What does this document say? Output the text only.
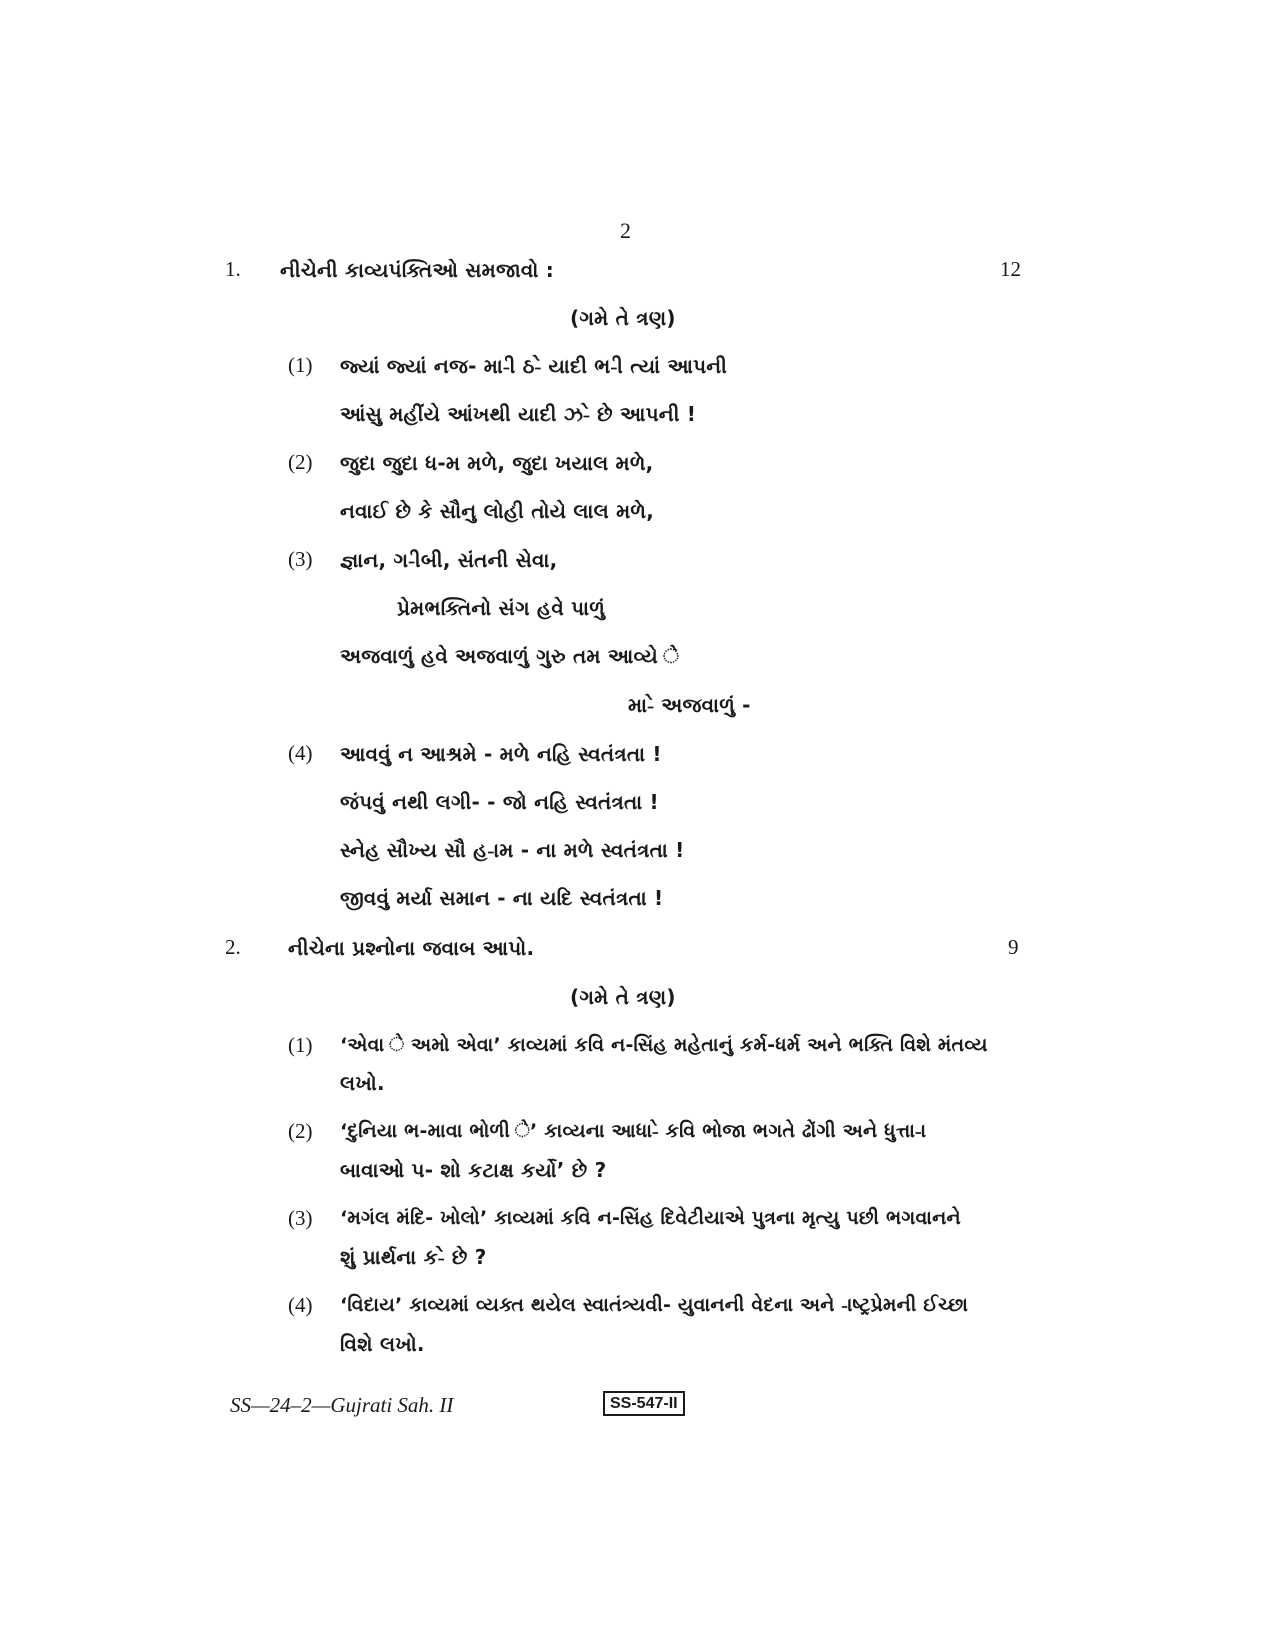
2
1. નીચેની કાવ્યપંક્તિઓ સમજાવો :	12
(ગમે તે ત્રણ)
(1) જ્યાં જ્યાં નજ- મા-ી ઠ-ે યાદી ભ-ી ત્યાં આપની
આંસુ મહીંયે આંખથી યાદી ઝ-ે છે આપની !
(2) જુદા જુદા ધ-મ મળે, જુદા ખયાલ મળે,
નવાઈ છે કે સૌનુ લોહી તોયે લાલ મળે,
(3) જ્ઞાન, ગ-ીબી, સંતની સેવા,
પ્રેમભક્તિનો સંગ હવે પાળું
અજવાળું હવે અજવાળું ગુરુ તમ આવ્યે ે
મા-ે અજવાળું -
(4) આવવું ન આશ્રમે - મળે નહિ સ્વતંત્રતા !
જંપવું નથી લગી- - જો નહિ સ્વતંત્રતા !
સ્નેહ સૌખ્ય સૌ હ-ામ - ના મળે સ્વતંત્રતા !
જીવવું મર્યા સમાન - ના યદિ સ્વતંત્રતા !
2. નીચેના પ્રશ્નોના જવાબ આપો.	9
(ગમે તે ત્રણ)
(1) ‘એવા ે અમો એવા’ કાવ્યમાં કવિ ન-સિંહ મહેતાનું કર્મ-ધર્મ અને ભક્તિ વિશે મંતવ્ય
લખો.
(2) ‘દુનિયા ભ-માવા ભોળી ે’ કાવ્યના આધા-ે કવિ ભોજા ભગતે ઢોંગી અને ધુત્તા-ા
બાવાઓ પ- શો કટાક્ષ કર્યો’ છે ?
(3) ‘મગંલ મંદિ- ખોલો’ કાવ્યમાં કવિ ન-સિંહ દિવેટીયાએ પુત્રના મૃત્યુ પછી ભગવાનને
શું પ્રાર્થના ક-ે છે ?
(4) ‘વિદાય’ કાવ્યમાં વ્યક્ત થયેલ સ્વાતંત્ર્યવી- યુવાનની વેદના અને -ાષ્ટ્રપ્રેમની ઈચ્છા
વિશે લખો.
SS—24–2—Gujrati Sah. II	SS-547-II
